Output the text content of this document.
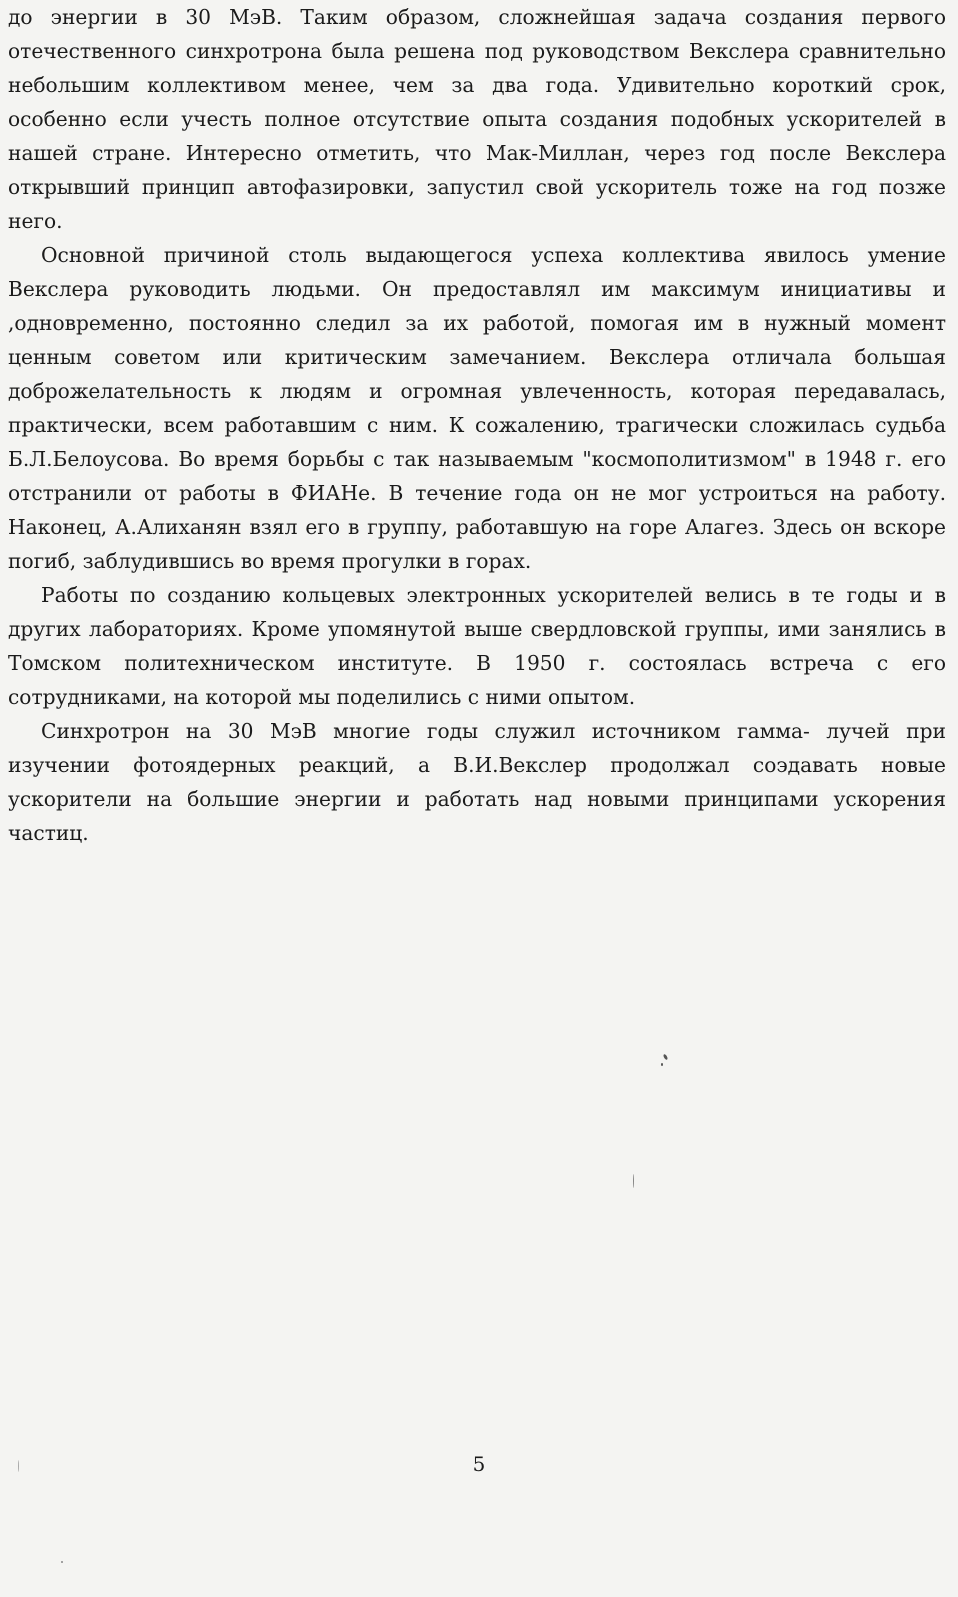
до энергии в 30 МэВ. Таким образом, сложнейшая задача создания первого отечественного синхротрона была решена под руководством Векслера сравнительно небольшим коллективом менее, чем за два года. Удивительно короткий срок, особенно если учесть полное отсутствие опыта создания подобных ускорителей в нашей стране. Интересно отметить, что Мак-Миллан, через год после Векслера открывший принцип автофазировки, запустил свой ускоритель тоже на год позже него.

Основной причиной столь выдающегося успеха коллектива явилось умение Векслера руководить людьми. Он предоставлял им максимум инициативы и ,одновременно, постоянно следил за их работой, помогая им в нужный момент ценным советом или критическим замечанием. Векслера отличала большая доброжелательность к людям и огромная увлеченность, которая передавалась, практически, всем работавшим с ним. К сожалению, трагически сложилась судьба Б.Л.Белоусова. Во время борьбы с так называемым "космополитизмом" в 1948 г. его отстранили от работы в ФИАНе. В течение года он не мог устроиться на работу. Наконец, А.Алиханян взял его в группу, работавшую на горе Алагез. Здесь он вскоре погиб, заблудившись во время прогулки в горах.

Работы по созданию кольцевых электронных ускорителей велись в те годы и в других лабораториях. Кроме упомянутой выше свердловской группы, ими занялись в Томском политехническом институте. В 1950 г. состоялась встреча с его сотрудниками, на которой мы поделились с ними опытом.

Синхротрон на 30 МэВ многие годы служил источником гамма- лучей при изучении фотоядерных реакций, а В.И.Векслер продолжал соэдавать новые ускорители на большие энергии и работать над новыми принципами ускорения частиц.

5
